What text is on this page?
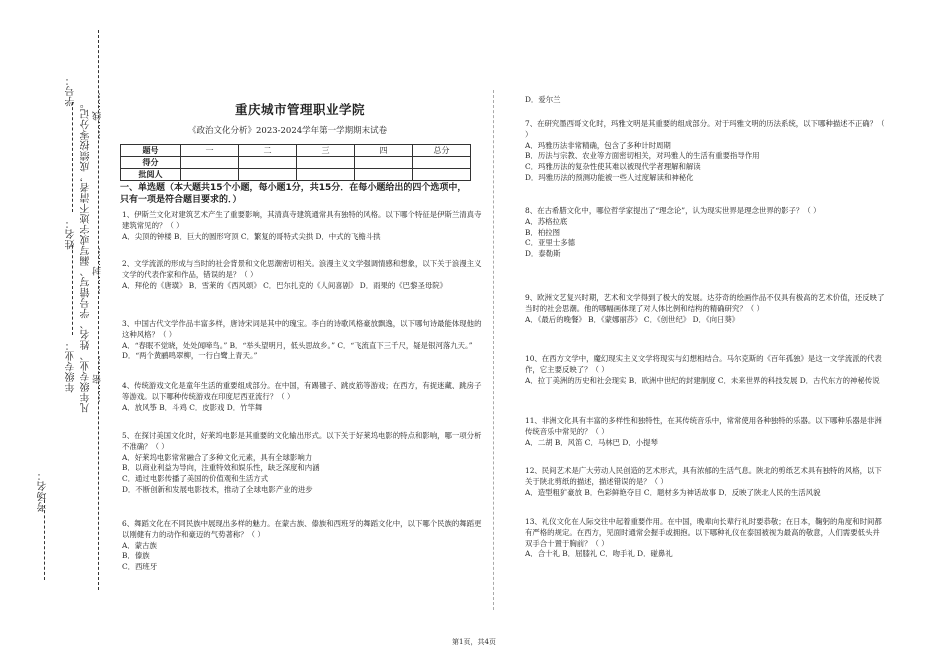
学号：
姓名：
年级专业： 凡年级专业、姓名、学号错写、漏写或字迹不清者，成绩按零分记。 ……线……
……封……
……密……
考场名：
重庆城市管理职业学院
《政治文化分析》2023-2024学年第一学期期末试卷
题号	一	二	三	四	总分
得分					
批阅人					
一、单选题（本大题共15个小题，每小题1分，共15分．在每小题给出的四个选项中，只有一项是符合题目要求的．）
1、伊斯兰文化对建筑艺术产生了重要影响，其清真寺建筑通常具有独特的风格。以下哪个特征是伊斯兰清真寺建筑常见的？（ ）
A．尖顶的钟楼 B．巨大的圆形穹顶 C．繁复的哥特式尖拱 D．中式的飞檐斗拱
2、文学流派的形成与当时的社会背景和文化思潮密切相关。浪漫主义文学强调情感和想象，以下关于浪漫主义文学的代表作家和作品，错误的是？（ ）
A．拜伦的《唐璜》 B．雪莱的《西风颂》 C．巴尔扎克的《人间喜剧》 D．雨果的《巴黎圣母院》
3、中国古代文学作品丰富多样，唐诗宋词是其中的瑰宝。李白的诗歌风格豪放飘逸，以下哪句诗最能体现他的这种风格？（ ）
A．“春眠不觉晓，处处闻啼鸟。” B．“举头望明月，低头思故乡。” C．“飞流直下三千尺，疑是银河落九天。” D．“两个黄鹂鸣翠柳，一行白鹭上青天。”
4、传统游戏文化是童年生活的重要组成部分。在中国，有踢毽子、跳皮筋等游戏；在西方，有捉迷藏、跳房子等游戏。以下哪种传统游戏在印度尼西亚流行？（ ）
A．放风筝 B．斗鸡 C．皮影戏 D．竹竿舞
5、在探讨美国文化时，好莱坞电影是其重要的文化输出形式。以下关于好莱坞电影的特点和影响，哪一项分析不准确？（ ）
A．好莱坞电影常常融合了多种文化元素，具有全球影响力
B．以商业利益为导向，注重特效和娱乐性，缺乏深度和内涵
C．通过电影传播了美国的价值观和生活方式
D．不断创新和发展电影技术，推动了全球电影产业的进步
6、舞蹈文化在不同民族中展现出多样的魅力。在蒙古族、傣族和西班牙的舞蹈文化中，以下哪个民族的舞蹈更以刚健有力的动作和豪迈的气势著称？（ ）
A．蒙古族
B．傣族
C．西班牙
D．爱尔兰
7、在研究墨西哥文化时，玛雅文明是其重要的组成部分。对于玛雅文明的历法系统，以下哪种描述不正确？（ ）
A．玛雅历法非常精确，包含了多种计时周期
B．历法与宗教、农业等方面密切相关，对玛雅人的生活有重要指导作用
C．玛雅历法的复杂性使其难以被现代学者理解和解读
D．玛雅历法的预测功能被一些人过度解读和神秘化
8、在古希腊文化中，哪位哲学家提出了“理念论”，认为现实世界是理念世界的影子？（ ）
A．苏格拉底
B．柏拉图
C．亚里士多德
D．泰勒斯
9、欧洲文艺复兴时期，艺术和文学得到了极大的发展。达芬奇的绘画作品不仅具有极高的艺术价值，还反映了当时的社会思潮。他的哪幅画体现了对人体比例和结构的精确研究？（ ）
A．《最后的晚餐》 B．《蒙娜丽莎》 C．《创世纪》 D．《向日葵》
10、在西方文学中，魔幻现实主义文学将现实与幻想相结合。马尔克斯的《百年孤独》是这一文学流派的代表作，它主要反映了？（ ）
A．拉丁美洲的历史和社会现实 B．欧洲中世纪的封建制度 C．未来世界的科技发展 D．古代东方的神秘传说
11、非洲文化具有丰富的多样性和独特性，在其传统音乐中，常常使用各种独特的乐器。以下哪种乐器是非洲传统音乐中常见的？（ ）
A．二胡 B．风笛 C．马林巴 D．小提琴
12、民间艺术是广大劳动人民创造的艺术形式，具有浓郁的生活气息。陕北的剪纸艺术具有独特的风格，以下关于陕北剪纸的描述，描述错误的是？（ ）
A．造型粗犷豪放 B．色彩鲜艳夺目 C．题材多为神话故事 D．反映了陕北人民的生活风貌
13、礼仪文化在人际交往中起着重要作用。在中国，晚辈向长辈行礼时要恭敬；在日本，鞠躬的角度和时间都有严格的规定。在西方，见面时通常会握手或拥抱。以下哪种礼仪在泰国被视为最高的敬意，人们需要低头并双手合十置于胸前？（ ）
A．合十礼 B．屈膝礼 C．吻手礼 D．碰鼻礼
第1页，共4页
